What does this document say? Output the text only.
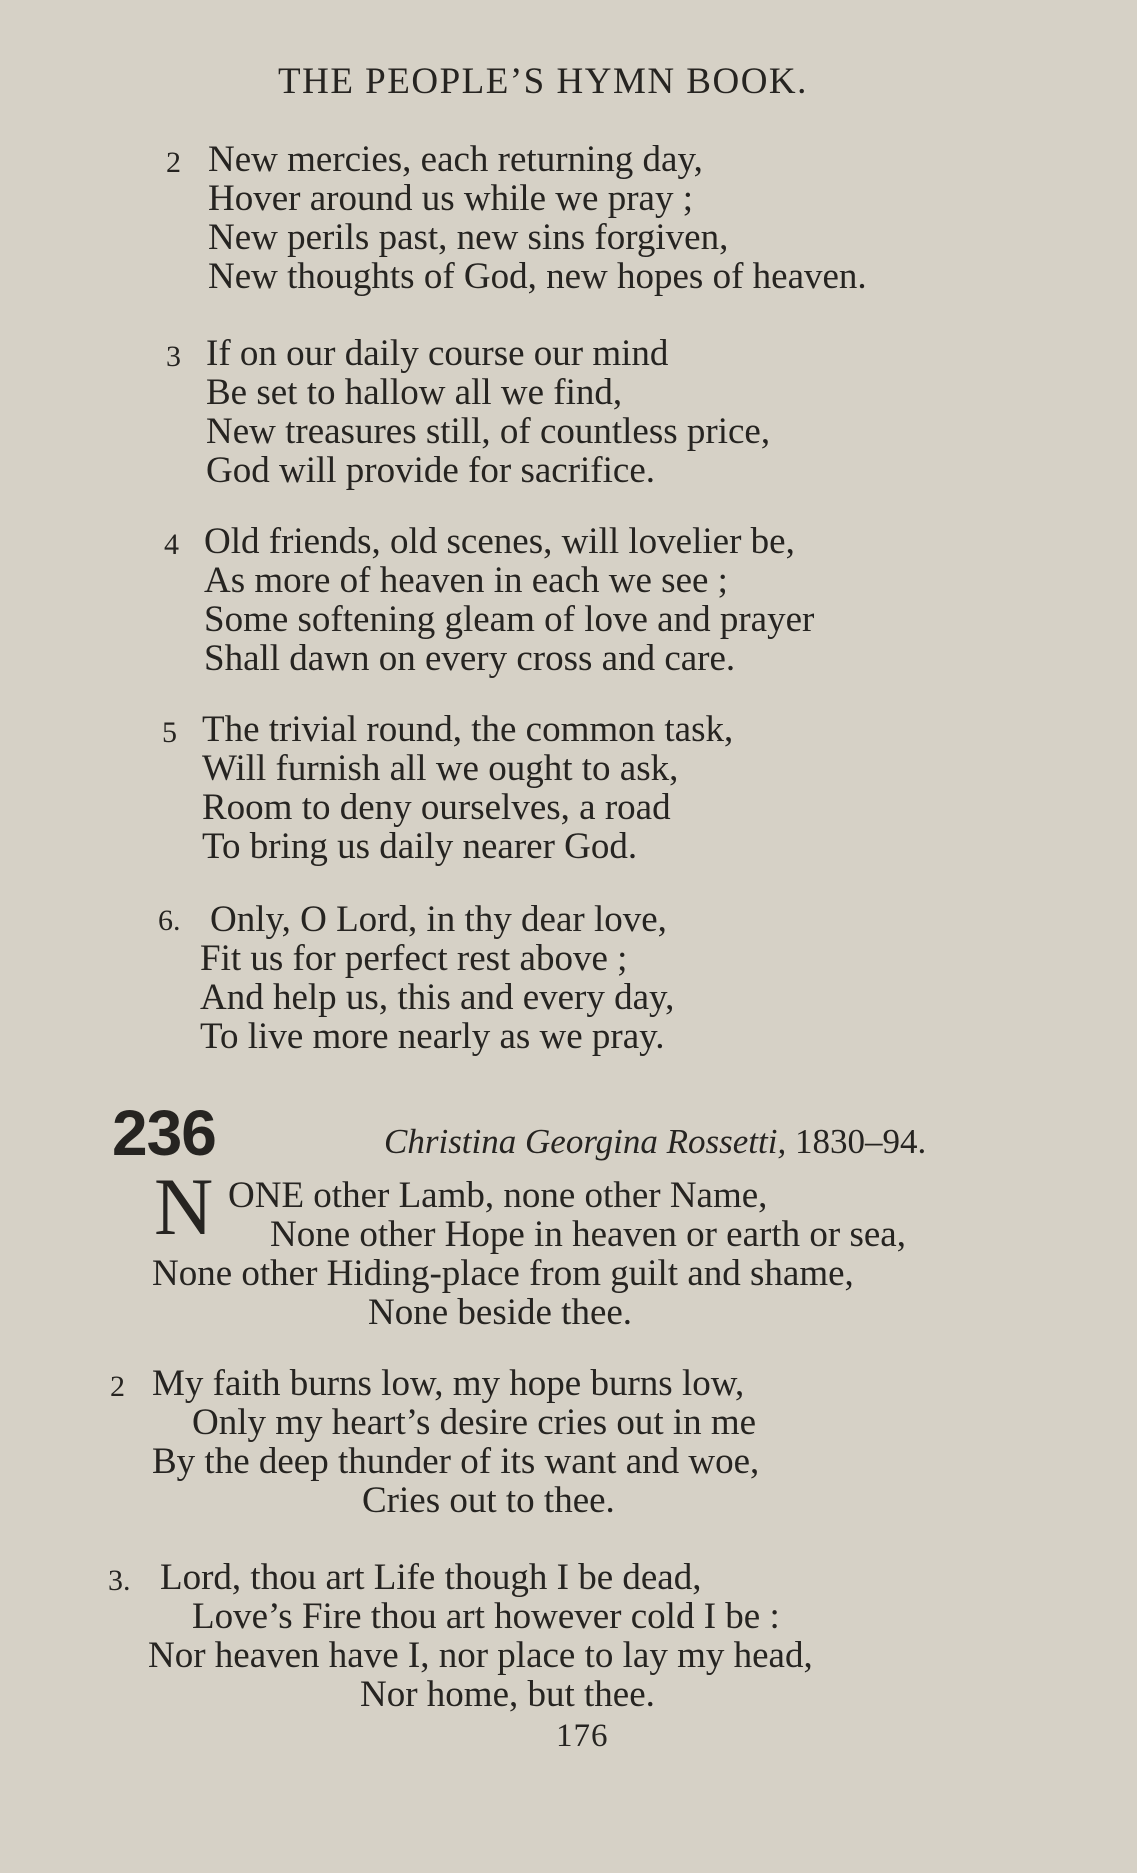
THE PEOPLE’S HYMN BOOK.
2 New mercies, each returning day,
Hover around us while we pray ;
New perils past, new sins forgiven,
New thoughts of God, new hopes of heaven.
3 If on our daily course our mind
Be set to hallow all we find,
New treasures still, of countless price,
God will provide for sacrifice.
4 Old friends, old scenes, will lovelier be,
As more of heaven in each we see ;
Some softening gleam of love and prayer
Shall dawn on every cross and care.
5 The trivial round, the common task,
Will furnish all we ought to ask,
Room to deny ourselves, a road
To bring us daily nearer God.
6. Only, O Lord, in thy dear love,
Fit us for perfect rest above ;
And help us, this and every day,
To live more nearly as we pray.
236	Christina Georgina Rossetti, 1830–94.
N ONE other Lamb, none other Name,
None other Hope in heaven or earth or sea,
None other Hiding-place from guilt and shame,
None beside thee.
2 My faith burns low, my hope burns low,
Only my heart’s desire cries out in me
By the deep thunder of its want and woe,
Cries out to thee.
3. Lord, thou art Life though I be dead,
Love’s Fire thou art however cold I be :
Nor heaven have I, nor place to lay my head,
Nor home, but thee.
176
